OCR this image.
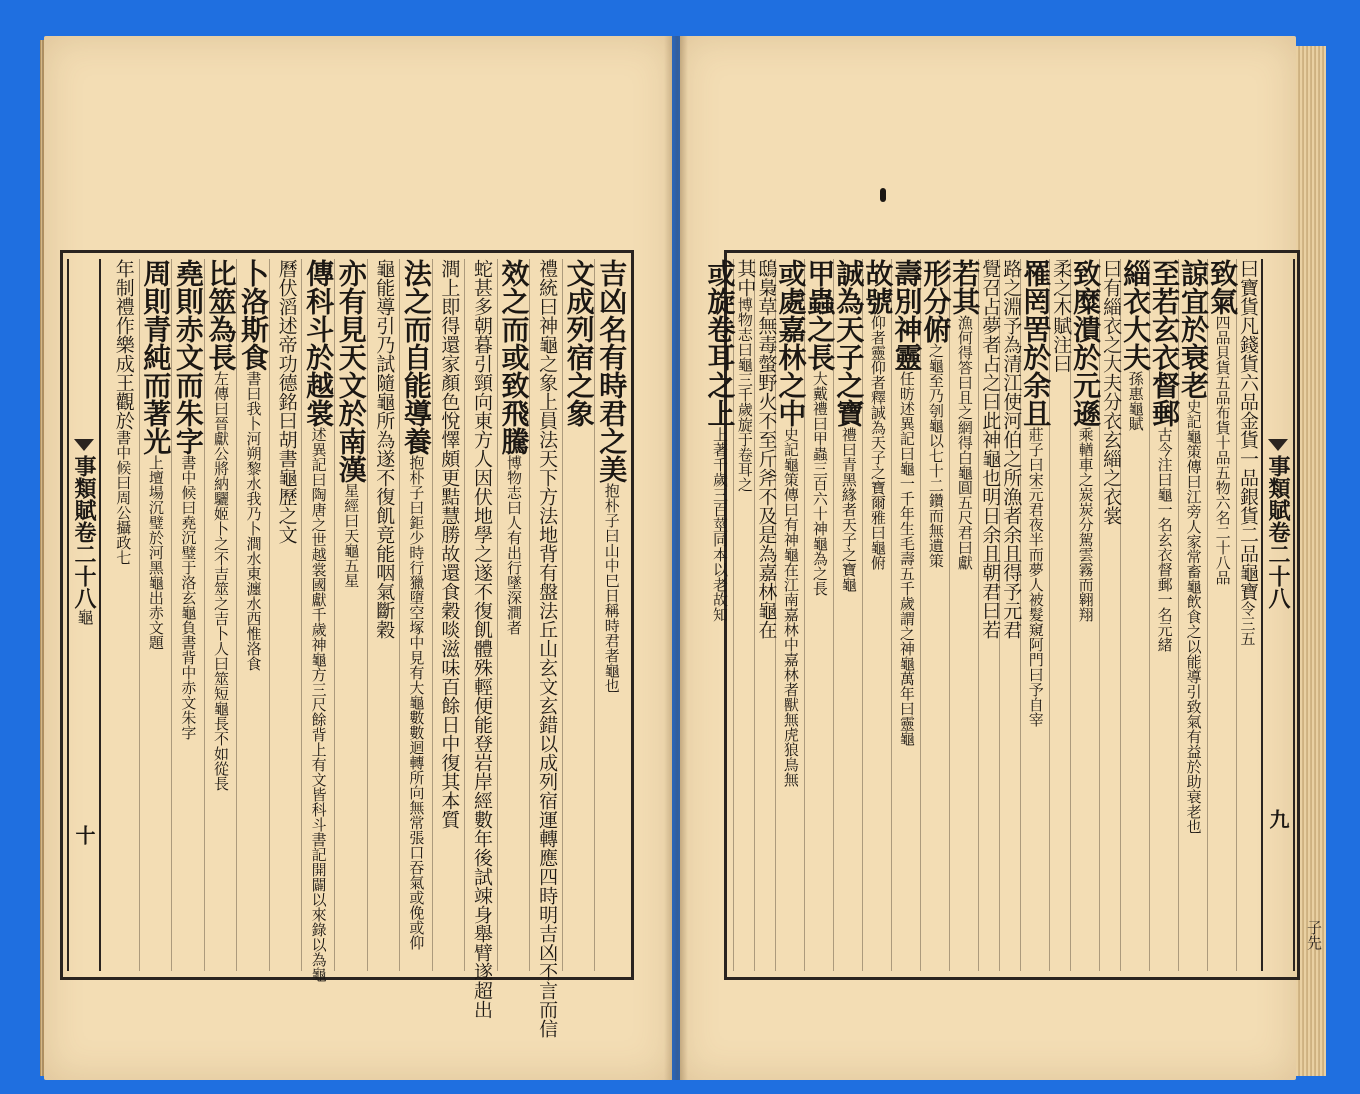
事類賦卷二十八
龜
十
吉凶名有時君之美
抱朴子曰山中巳日稱時君者龜也
文成列宿之象
禮統曰神龜之象上員法天下方法地背有盤法丘山玄文玄錯以成列宿運轉應四時明吉凶不言而信
效之而或致飛騰
博物志曰人有出行墜深澗者
蛇甚多朝暮引頸向東方人因伏地學之遂不復飢體殊輕便能登岩岸經數年後試竦身舉臂遂超出
澗上即得還家顏色悅懌頗更黠慧勝故還食穀啖滋味百餘日中復其本質
法之而自能導養
抱朴子曰鉅少時行獵墮空塚中見有大龜數數迴轉所向無常張口吞氣或俛或仰
龜能導引乃試隨龜所為遂不復飢竟能咽氣斷穀
亦有見天文於南漢
星經曰天龜五星
傳科斗於越裳
述異記曰陶唐之世越裳國獻千歲神龜方三尺餘背上有文皆科斗書記開闢以來錄以為龜
曆伏滔述帝功德銘曰胡書龜歷之文
卜洛斯食
書曰我卜河朔黎水我乃卜澗水東瀍水西惟洛食
比筮為長
左傳曰晉獻公將納驪姬卜之不吉筮之吉卜人曰筮短龜長不如從長
堯則赤文而朱字
書中候曰堯沉璧于洛玄龜負書背中赤文朱字
周則青純而著光
上壇場沉璧於河黑龜出赤文題
年制禮作樂成王觀於
書中候曰周公攝政七	事類賦卷二十八
九
曰寶貨凡錢貨六品金貨一品銀貨二品龜寶
令三五
致氣
四品貝貨五品布貨十品五物六名二十八品
諒宜於衰老
史記龜策傳曰江旁人家常畜龜飲食之以能導引致氣有益於助衰老也
至若玄衣督郵
古今注曰龜一名玄衣督郵一名元緒
緇衣大夫
孫惠龜賦
曰有緇衣之大夫分衣玄緇之衣裳
致糜潰於元遜
乘輶車之炭炭分駕雲霧而翱翔
柔之木賦注曰
罹罔罟於余且
莊子曰宋元君夜半而夢人被髮窺阿門曰予自宰
路之淵予為清江使河伯之所漁者余且得予元君
覺召占夢者占之曰此神龜也明日余且朝君曰若
若其
漁何得答曰且之網得白龜圓五尺君曰獻
形分俯
之龜至乃刳龜以七十二鑽而無遺策
壽別神靈
任昉述異記曰龜一千年生毛壽五千歲謂之神龜萬年曰靈龜
故號
仰者靈仰者釋誠為天子之寶
爾雅曰龜俯
誠為天子之寶
禮曰青黑緣者天子之寶龜
甲蟲之長
大戴禮曰甲蟲三百六十神龜為之長
或處嘉林之中
史記龜策傳曰有神龜在江南嘉林中嘉林者獸無虎狼鳥無
鴟梟草無毒螫野火不至斤斧不及是為嘉林龜在
其中
博物志曰龜三千歲旋于卷耳之
或旋卷耳之上
上著千歲三百莖同本以老故知
子先
